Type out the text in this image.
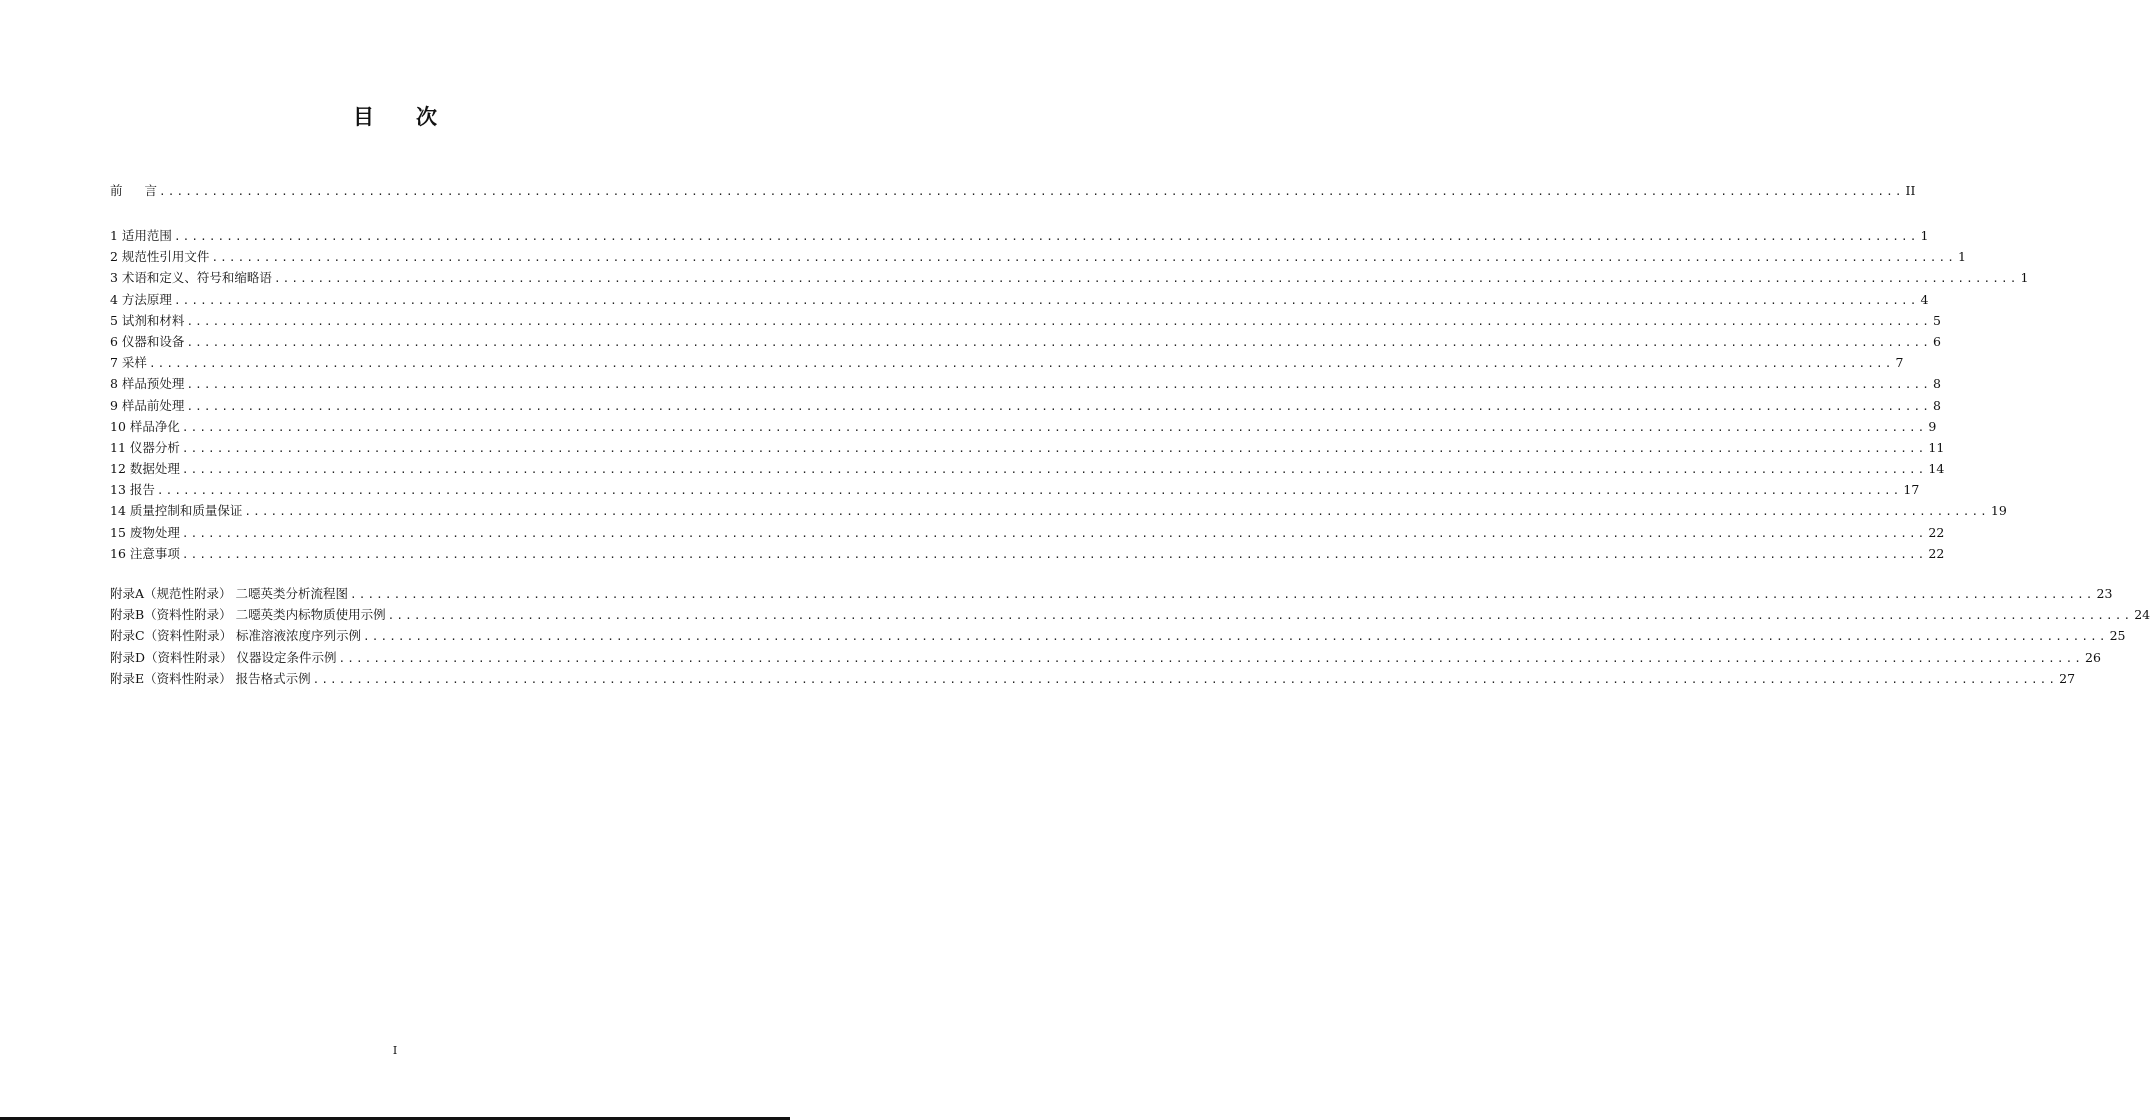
目 次
前 言 ........................................................................................................................................................................................................ II
1 适用范围 ........................................................................................................................................................................................................ 1
2 规范性引用文件 ........................................................................................................................................................................................................ 1
3 术语和定义、符号和缩略语 ........................................................................................................................................................................................................ 1
4 方法原理 ........................................................................................................................................................................................................ 4
5 试剂和材料 ........................................................................................................................................................................................................ 5
6 仪器和设备 ........................................................................................................................................................................................................ 6
7 采样 ........................................................................................................................................................................................................ 7
8 样品预处理 ........................................................................................................................................................................................................ 8
9 样品前处理 ........................................................................................................................................................................................................ 8
10 样品净化 ........................................................................................................................................................................................................ 9
11 仪器分析 ........................................................................................................................................................................................................ 11
12 数据处理 ........................................................................................................................................................................................................ 14
13 报告 ........................................................................................................................................................................................................ 17
14 质量控制和质量保证 ........................................................................................................................................................................................................ 19
15 废物处理 ........................................................................................................................................................................................................ 22
16 注意事项 ........................................................................................................................................................................................................ 22
附录A（规范性附录） 二噁英类分析流程图 ........................................................................................................................................................................................................ 23
附录B（资料性附录） 二噁英类内标物质使用示例 ........................................................................................................................................................................................................ 24
附录C（资料性附录） 标准溶液浓度序列示例 ........................................................................................................................................................................................................ 25
附录D（资料性附录） 仪器设定条件示例 ........................................................................................................................................................................................................ 26
附录E（资料性附录） 报告格式示例 ........................................................................................................................................................................................................ 27
I
